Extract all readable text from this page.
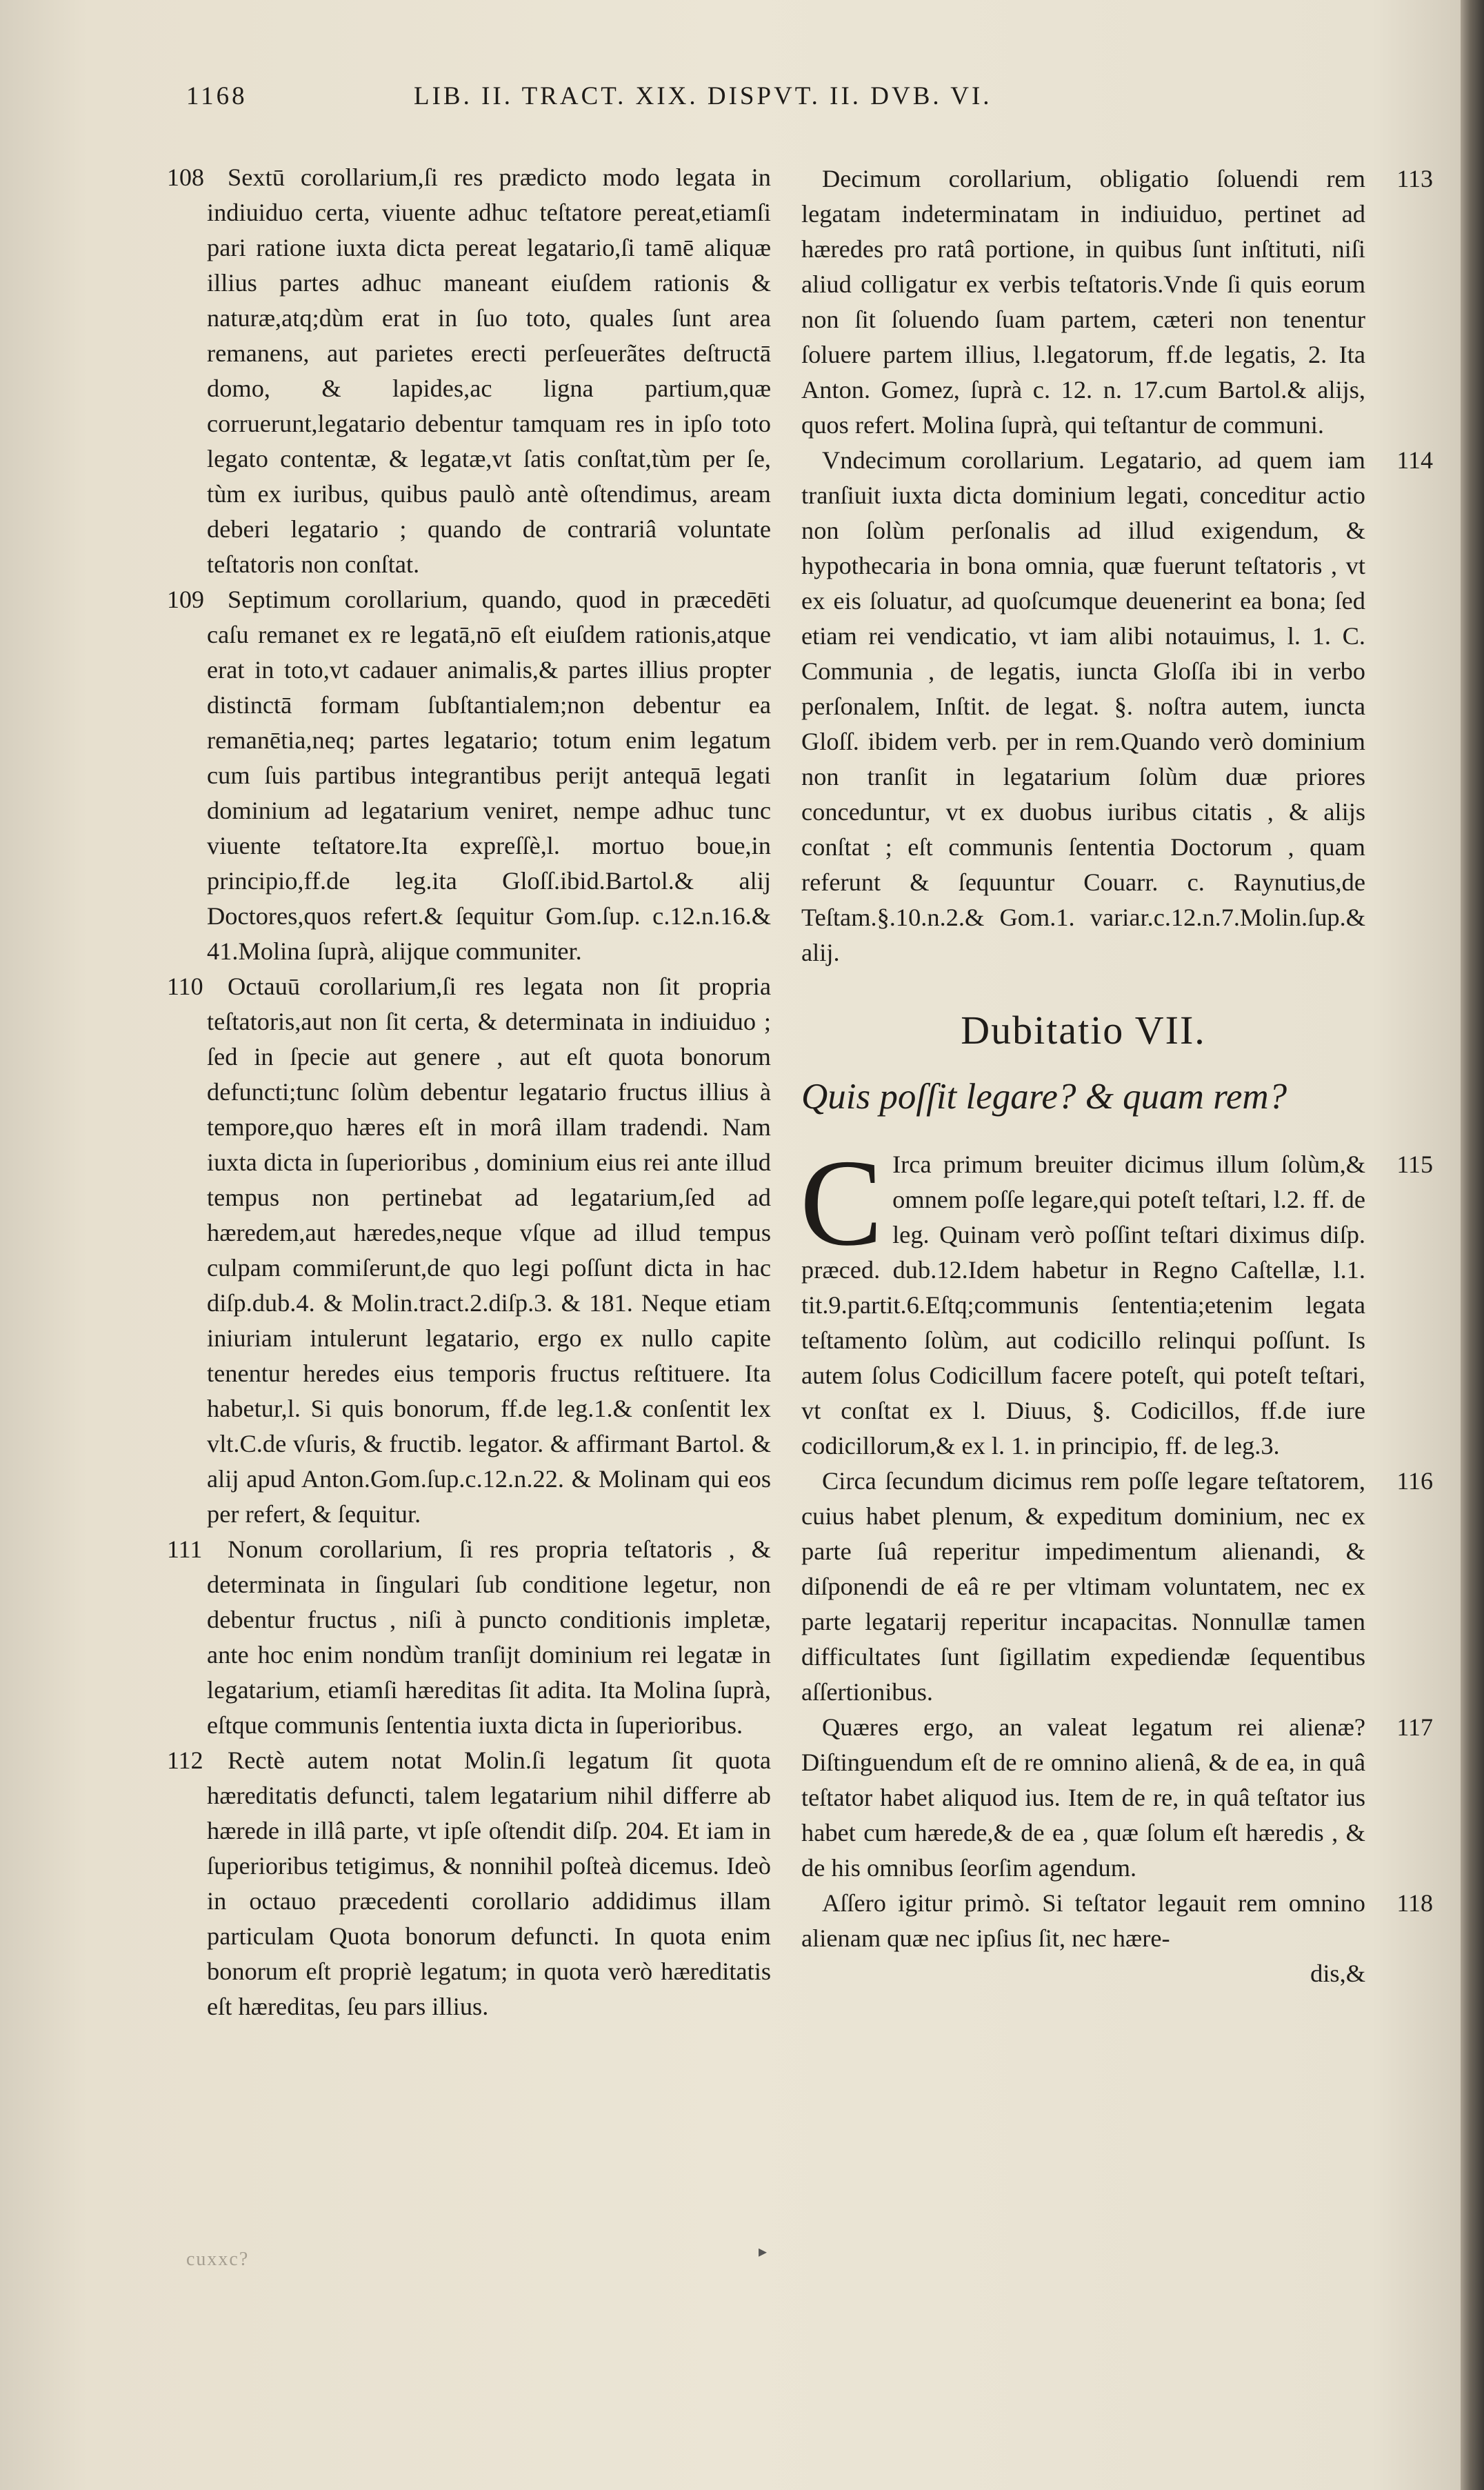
1168	LIB. II. TRACT. XIX. DISPVT. II. DVB. VI.

108 Sextū corollarium,ſi res prædicto modo legata in indiuiduo certa, viuente adhuc teſtatore pereat,etiamſi pari ratione iuxta dicta pereat legatario,ſi tamē aliquæ illius partes adhuc maneant eiuſdem rationis & naturæ,atq;dùm erat in ſuo toto, quales ſunt area remanens, aut parietes erecti perſeuerãtes deſtructā domo, & lapides,ac ligna partium,quæ corruerunt,legatario debentur tamquam res in ipſo toto legato contentæ, & legatæ,vt ſatis conſtat,tùm per ſe, tùm ex iuribus, quibus paulò antè oſtendimus, aream deberi legatario ; quando de contrariâ voluntate teſtatoris non conſtat.

109 Septimum corollarium, quando, quod in præcedēti caſu remanet ex re legatā,nō eſt eiuſdem rationis,atque erat in toto,vt cadauer animalis,& partes illius propter distinctā formam ſubſtantialem;non debentur ea remanētia,neq; partes legatario; totum enim legatum cum ſuis partibus integrantibus perijt antequā legati dominium ad legatarium veniret, nempe adhuc tunc viuente teſtatore.Ita expreſſè,l. mortuo boue,in principio,ff.de leg.ita Gloſſ.ibid.Bartol.& alij Doctores,quos refert.& ſequitur Gom.ſup. c.12.n.16.& 41.Molina ſuprà, alijque communiter.

110 Octauū corollarium,ſi res legata non ſit propria teſtatoris,aut non ſit certa, & determinata in indiuiduo ; ſed in ſpecie aut genere , aut eſt quota bonorum defuncti;tunc ſolùm debentur legatario fructus illius à tempore,quo hæres eſt in morâ illam tradendi. Nam iuxta dicta in ſuperioribus , dominium eius rei ante illud tempus non pertinebat ad legatarium,ſed ad hæredem,aut hæredes,neque vſque ad illud tempus culpam commiſerunt,de quo legi poſſunt dicta in hac diſp.dub.4. & Molin.tract.2.diſp.3. & 181. Neque etiam iniuriam intulerunt legatario, ergo ex nullo capite tenentur heredes eius temporis fructus reſtituere. Ita habetur,l. Si quis bonorum, ff.de leg.1.& conſentit lex vlt.C.de vſuris, & fructib. legator. & affirmant Bartol. & alij apud Anton.Gom.ſup.c.12.n.22. & Molinam qui eos per refert, & ſequitur.

111 Nonum corollarium, ſi res propria teſtatoris , & determinata in ſingulari ſub conditione legetur, non debentur fructus , niſi à puncto conditionis impletæ, ante hoc enim nondùm tranſijt dominium rei legatæ in legatarium, etiamſi hæreditas ſit adita. Ita Molina ſuprà, eſtque communis ſententia iuxta dicta in ſuperioribus.

112 Rectè autem notat Molin.ſi legatum ſit quota hæreditatis defuncti, talem legatarium nihil differre ab hærede in illâ parte, vt ipſe oſtendit diſp. 204. Et iam in ſuperioribus tetigimus, & nonnihil poſteà dicemus. Ideò in octauo præcedenti corollario addidimus illam particulam Quota bonorum defuncti. In quota enim bonorum eſt propriè legatum; in quota verò hæreditatis eſt hæreditas, ſeu pars illius.

113
Decimum corollarium, obligatio ſoluendi rem legatam indeterminatam in indiuiduo, pertinet ad hæredes pro ratâ portione, in quibus ſunt inſtituti, niſi aliud colligatur ex verbis teſtatoris.Vnde ſi quis eorum non ſit ſoluendo ſuam partem, cæteri non tenentur ſoluere partem illius, l.legatorum, ff.de legatis, 2. Ita Anton. Gomez, ſuprà c. 12. n. 17.cum Bartol.& alijs, quos refert. Molina ſuprà, qui teſtantur de communi.

114
Vndecimum corollarium. Legatario, ad quem iam tranſiuit iuxta dicta dominium legati, conceditur actio non ſolùm perſonalis ad illud exigendum, & hypothecaria in bona omnia, quæ fuerunt teſtatoris , vt ex eis ſoluatur, ad quoſcumque deuenerint ea bona; ſed etiam rei vendicatio, vt iam alibi notauimus, l. 1. C. Communia , de legatis, iuncta Gloſſa ibi in verbo perſonalem, Inſtit. de legat. §. noſtra autem, iuncta Gloſſ. ibidem verb. per in rem.Quando verò dominium non tranſit in legatarium ſolùm duæ priores conceduntur, vt ex duobus iuribus citatis , & alijs conſtat ; eſt communis ſententia Doctorum , quam referunt & ſequuntur Couarr. c. Raynutius,de Teſtam.§.10.n.2.& Gom.1. variar.c.12.n.7.Molin.ſup.& alij.

Dubitatio VII.

Quis poſſit legare? & quam rem?

115
C Irca primum breuiter dicimus illum ſolùm,& omnem poſſe legare,qui poteſt teſtari, l.2. ff. de leg. Quinam verò poſſint teſtari diximus diſp. præced. dub.12.Idem habetur in Regno Caſtellæ, l.1. tit.9.partit.6.Eſtq;communis ſententia;etenim legata teſtamento ſolùm, aut codicillo relinqui poſſunt. Is autem ſolus Codicillum facere poteſt, qui poteſt teſtari, vt conſtat ex l. Diuus, §. Codicillos, ff.de iure codicillorum,& ex l. 1. in principio, ff. de leg.3.

116
Circa ſecundum dicimus rem poſſe legare teſtatorem, cuius habet plenum, & expeditum dominium, nec ex parte ſuâ reperitur impedimentum alienandi, & diſponendi de eâ re per vltimam voluntatem, nec ex parte legatarij reperitur incapacitas. Nonnullæ tamen difficultates ſunt ſigillatim expediendæ ſequentibus aſſertionibus.

117
Quæres ergo, an valeat legatum rei alienæ? Diſtinguendum eſt de re omnino alienâ, & de ea, in quâ teſtator habet aliquod ius. Item de re, in quâ teſtator ius habet cum hærede,& de ea , quæ ſolum eſt hæredis , & de his omnibus ſeorſim agendum.

118
Aſſero igitur primò. Si teſtator legauit rem omnino alienam quæ nec ipſius ſit, nec hære-

dis,&

cuxxc?	▸
